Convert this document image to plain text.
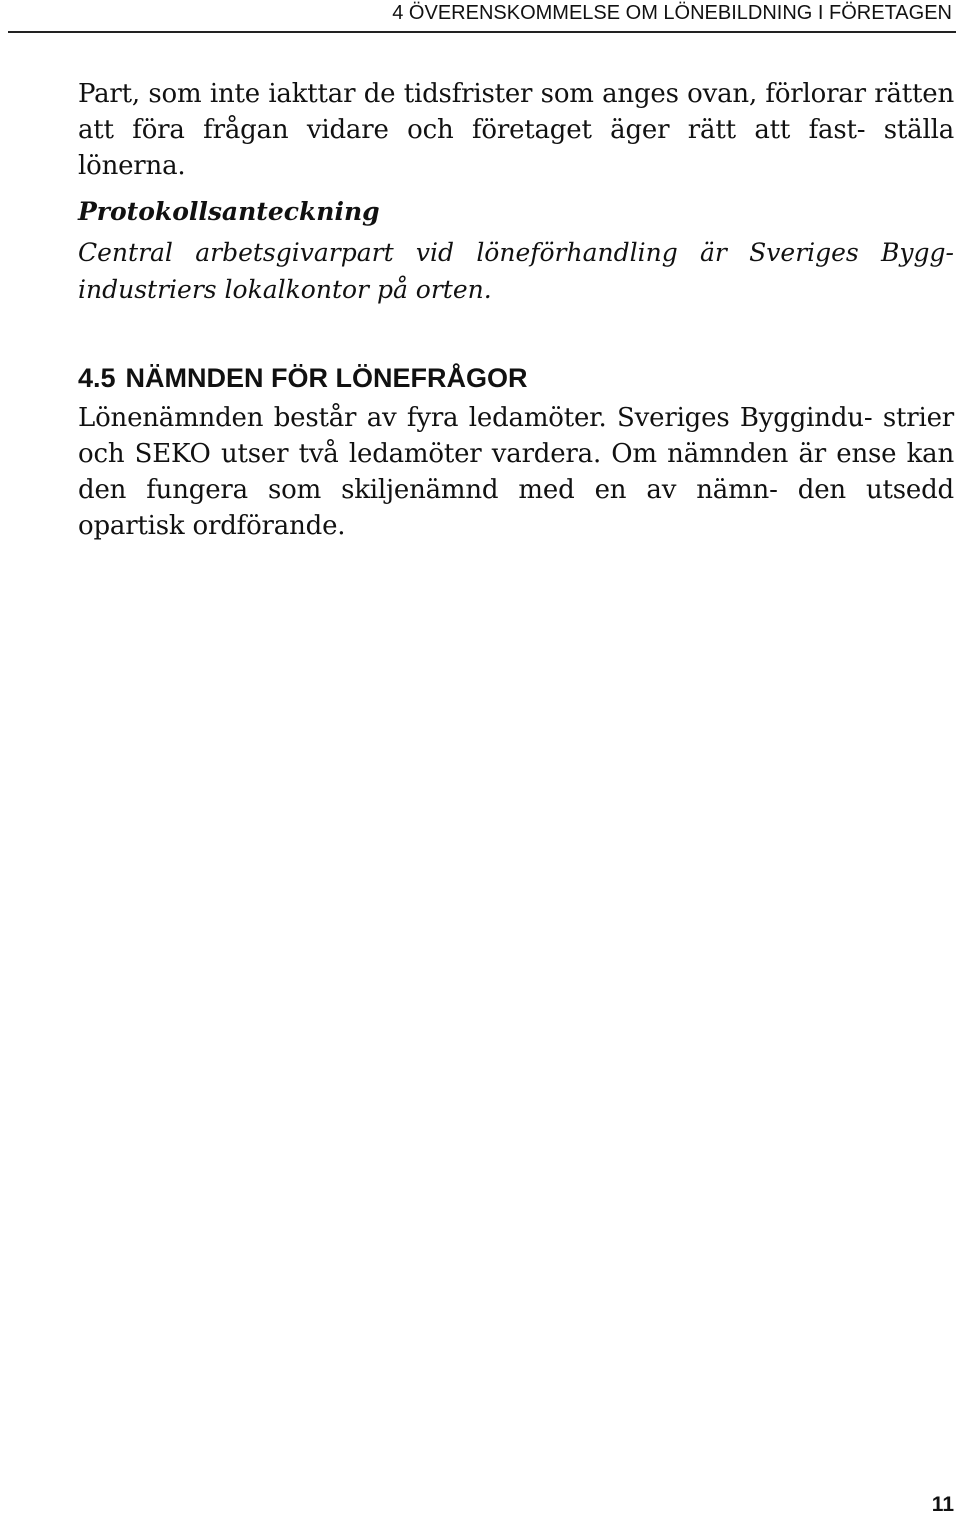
4 ÖVERENSKOMMELSE OM LÖNEBILDNING I FÖRETAGEN

Part, som inte iakttar de tidsfrister som anges ovan, förlorar rätten att föra frågan vidare och företaget äger rätt att fast- ställa lönerna.

Protokollsanteckning

Central arbetsgivarpart vid löneförhandling är Sveriges Bygg- industriers lokalkontor på orten.

4.5 NÄMNDEN FÖR LÖNEFRÅGOR

Lönenämnden består av fyra ledamöter. Sveriges Byggindu- strier och SEKO utser två ledamöter vardera. Om nämnden är ense kan den fungera som skiljenämnd med en av nämn- den utsedd opartisk ordförande.

11
